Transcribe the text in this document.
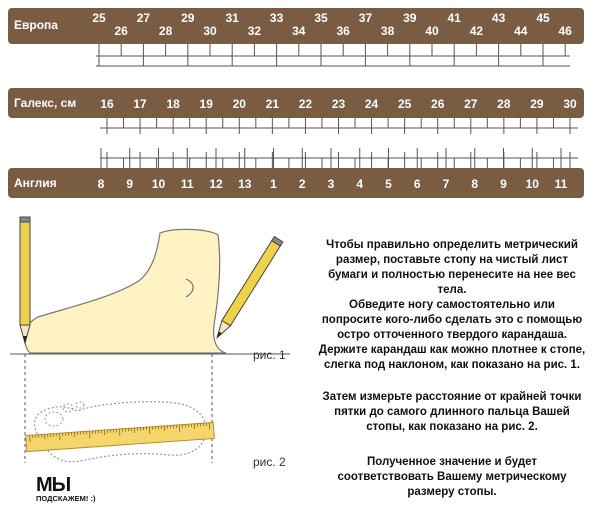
Европа	25	27	29	31	33	35	37	39	41	43	45
26	28	30	32	34	36	38	40	42	44	46
Галекс, см 16 17 18 19 20 21 22 23 24 25 26 27 28 29 30
Англия	8 9 10 11 12 13 1 2 3 4 5 6 7 8 9 10 11
рис. 1
рис. 2
Чтобы правильно определить метрический размер, поставьте стопу на чистый лист бумаги и полностью перенесите на нее вес тела.
Обведите ногу самостоятельно или попросите кого-либо сделать это с помощью остро отточенного твердого карандаша. Держите карандаш как можно плотнее к стопе, слегка под наклоном, как показано на рис. 1.
Затем измерьте расстояние от крайней точки пятки до самого длинного пальца Вашей стопы, как показано на рис. 2.
Полученное значение и будет соответствовать Вашему метрическому размеру стопы.
МЫ
ПОДСКАЖЕМ! :)
